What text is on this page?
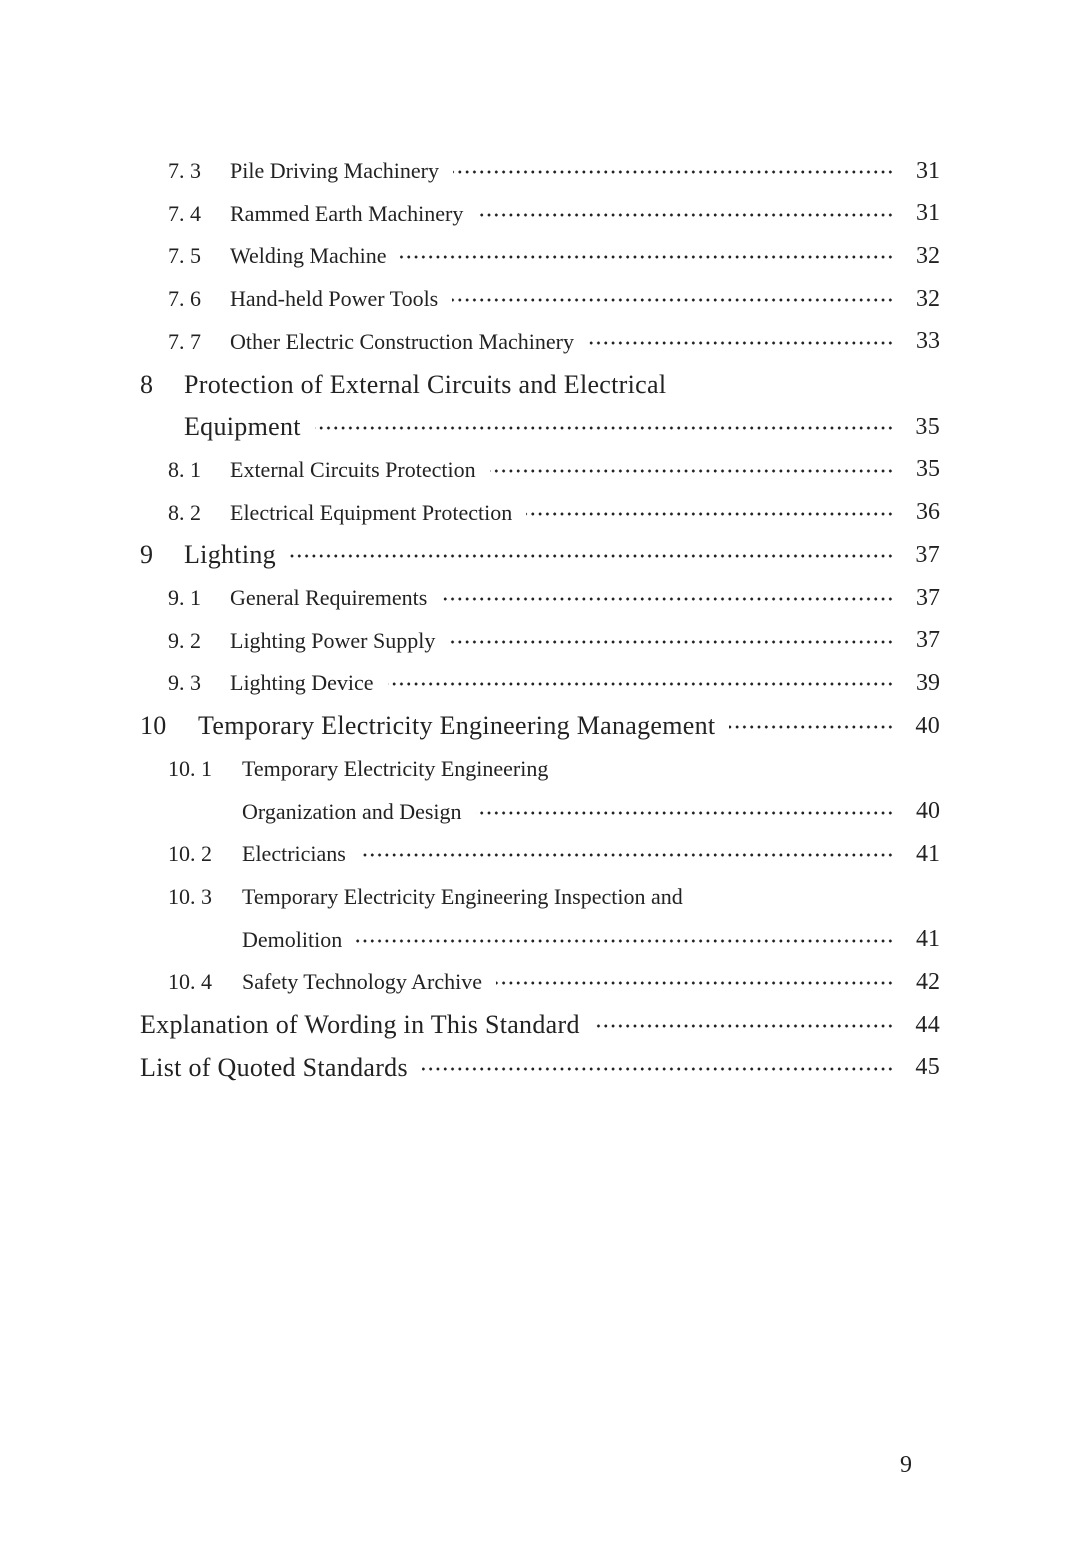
7. 3 Pile Driving Machinery	31
7. 4 Rammed Earth Machinery	31
7. 5 Welding Machine	32
7. 6 Hand-held Power Tools	32
7. 7 Other Electric Construction Machinery	33
8 Protection of External Circuits and Electrical
Equipment	35
8. 1 External Circuits Protection	35
8. 2 Electrical Equipment Protection	36
9 Lighting	37
9. 1 General Requirements	37
9. 2 Lighting Power Supply	37
9. 3 Lighting Device	39
10 Temporary Electricity Engineering Management	40
10. 1 Temporary Electricity Engineering
Organization and Design	40
10. 2 Electricians	41
10. 3 Temporary Electricity Engineering Inspection and
Demolition	41
10. 4 Safety Technology Archive	42
Explanation of Wording in This Standard	44
List of Quoted Standards	45
9
